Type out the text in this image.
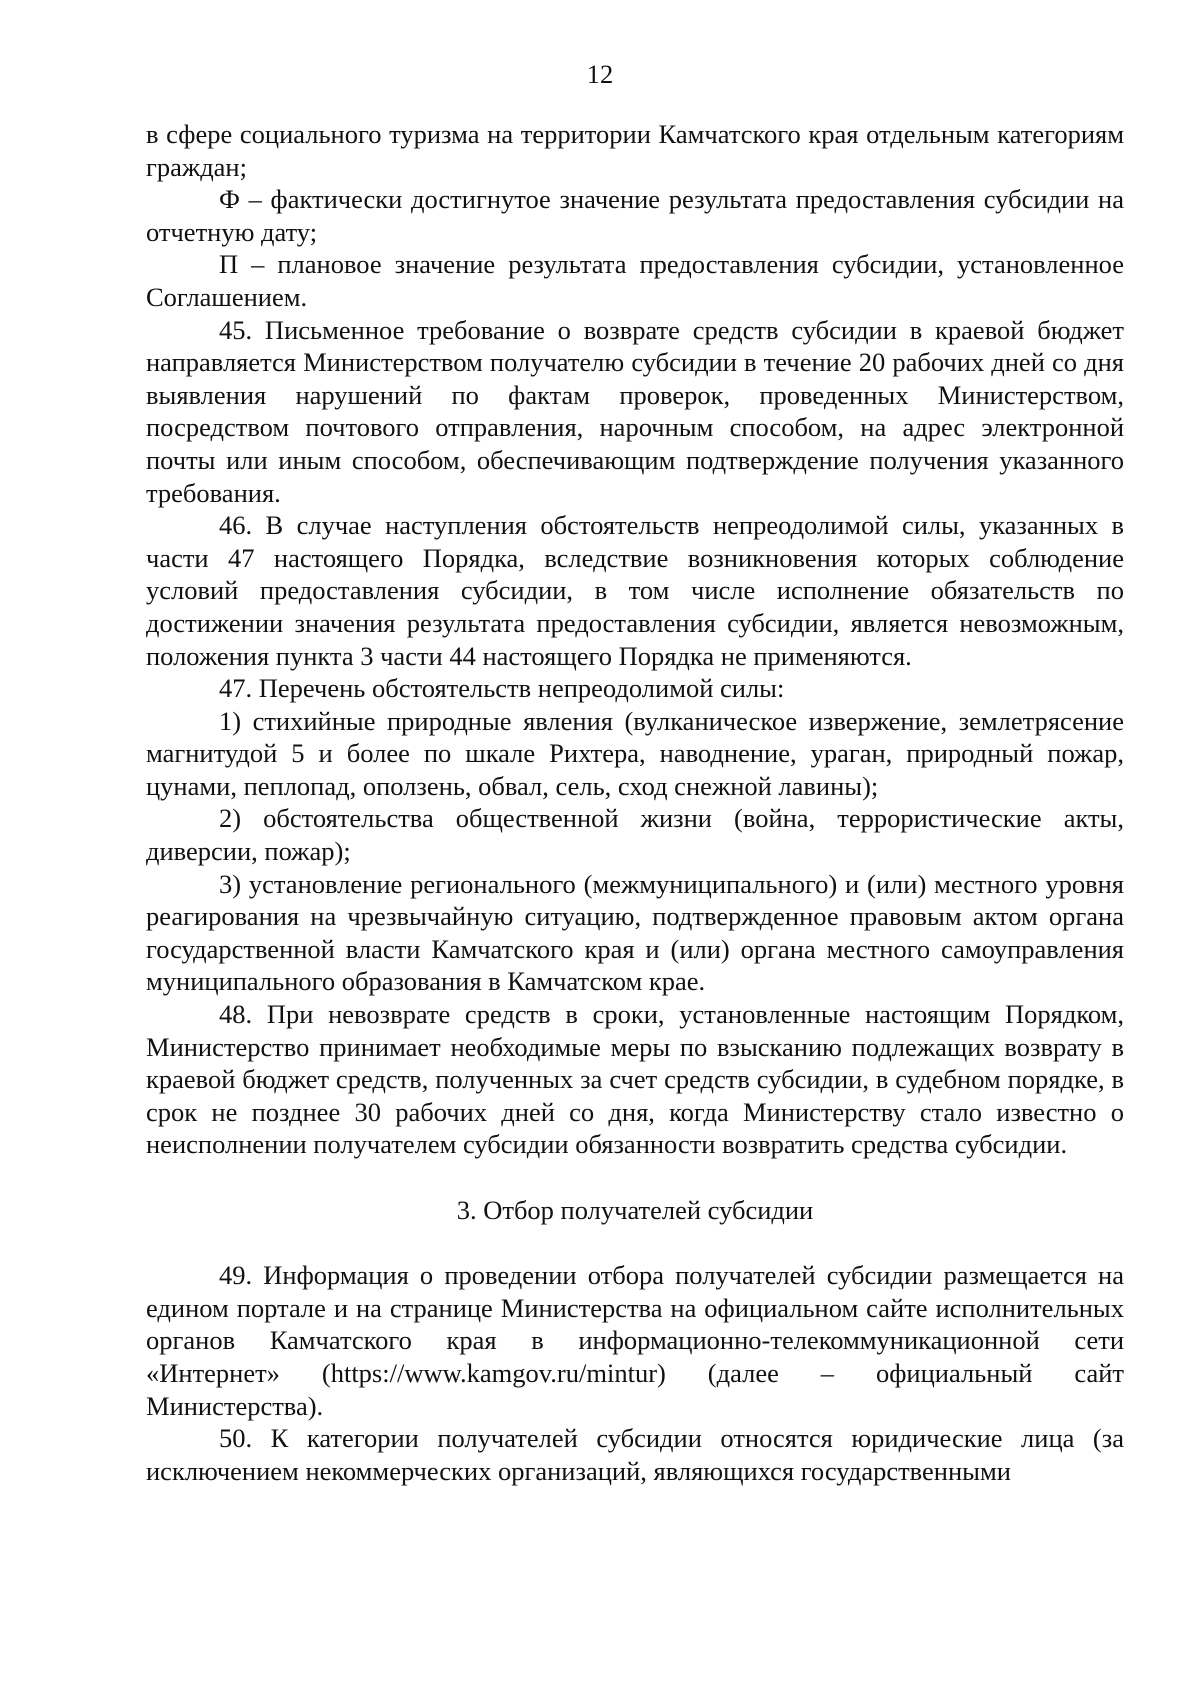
12

в сфере социального туризма на территории Камчатского края отдельным категориям граждан;

Ф – фактически достигнутое значение результата предоставления субсидии на отчетную дату;

П – плановое значение результата предоставления субсидии, установленное Соглашением.

45. Письменное требование о возврате средств субсидии в краевой бюджет направляется Министерством получателю субсидии в течение 20 рабочих дней со дня выявления нарушений по фактам проверок, проведенных Министерством, посредством почтового отправления, нарочным способом, на адрес электронной почты или иным способом, обеспечивающим подтверждение получения указанного требования.

46. В случае наступления обстоятельств непреодолимой силы, указанных в части 47 настоящего Порядка, вследствие возникновения которых соблюдение условий предоставления субсидии, в том числе исполнение обязательств по достижении значения результата предоставления субсидии, является невозможным, положения пункта 3 части 44 настоящего Порядка не применяются.

47. Перечень обстоятельств непреодолимой силы:

1) стихийные природные явления (вулканическое извержение, землетрясение магнитудой 5 и более по шкале Рихтера, наводнение, ураган, природный пожар, цунами, пеплопад, оползень, обвал, сель, сход снежной лавины);

2) обстоятельства общественной жизни (война, террористические акты, диверсии, пожар);

3) установление регионального (межмуниципального) и (или) местного уровня реагирования на чрезвычайную ситуацию, подтвержденное правовым актом органа государственной власти Камчатского края и (или) органа местного самоуправления муниципального образования в Камчатском крае.

48. При невозврате средств в сроки, установленные настоящим Порядком, Министерство принимает необходимые меры по взысканию подлежащих возврату в краевой бюджет средств, полученных за счет средств субсидии, в судебном порядке, в срок не позднее 30 рабочих дней со дня, когда Министерству стало известно о неисполнении получателем субсидии обязанности возвратить средства субсидии.

3. Отбор получателей субсидии

49. Информация о проведении отбора получателей субсидии размещается на едином портале и на странице Министерства на официальном сайте исполнительных органов Камчатского края в информационно-телекоммуникационной сети «Интернет» (https://www.kamgov.ru/mintur) (далее – официальный сайт Министерства).

50. К категории получателей субсидии относятся юридические лица (за исключением некоммерческих организаций, являющихся государственными
